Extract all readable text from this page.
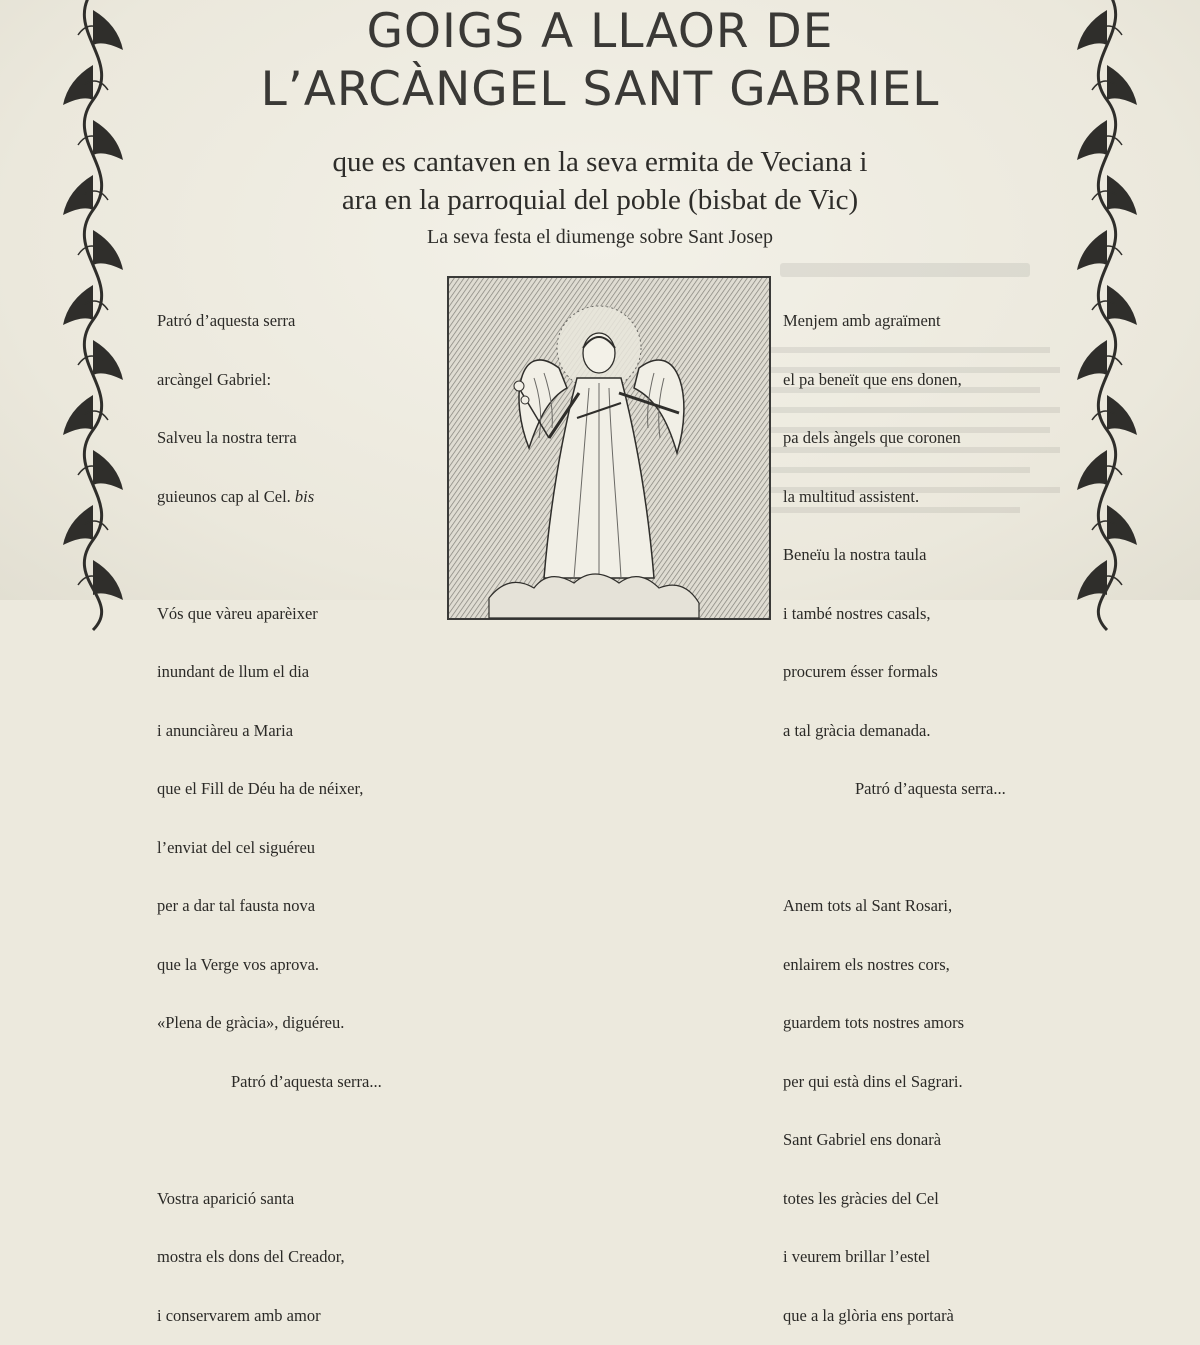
GOIGS A LLAOR DE
L’ARCÀNGEL SANT GABRIEL
que es cantaven en la seva ermita de Veciana i
ara en la parroquial del poble (bisbat de Vic)
La seva festa el diumenge sobre Sant Josep

Patró d’aquesta serra

arcàngel Gabriel:

Salveu la nostra terra

guieunos cap al Cel. bis

Vós que vàreu aparèixer

inundant de llum el dia

i anunciàreu a Maria

que el Fill de Déu ha de néixer,

l’enviat del cel siguéreu

per a dar tal fausta nova

que la Verge vos aprova.

«Plena de gràcia», diguéreu.

Patró d’aquesta serra...

Vostra aparició santa

mostra els dons del Creador,

i conservarem amb amor

Menjem amb agraïment

el pa beneït que ens donen,

pa dels àngels que coronen

la multitud assistent.

Beneïu la nostra taula

i també nostres casals,

procurem ésser formals

a tal gràcia demanada.

Patró d’aquesta serra...

Anem tots al Sant Rosari,

enlairem els nostres cors,

guardem tots nostres amors

per qui està dins el Sagrari.

Sant Gabriel ens donarà

totes les gràcies del Cel

i veurem brillar l’estel

que a la glòria ens portarà
